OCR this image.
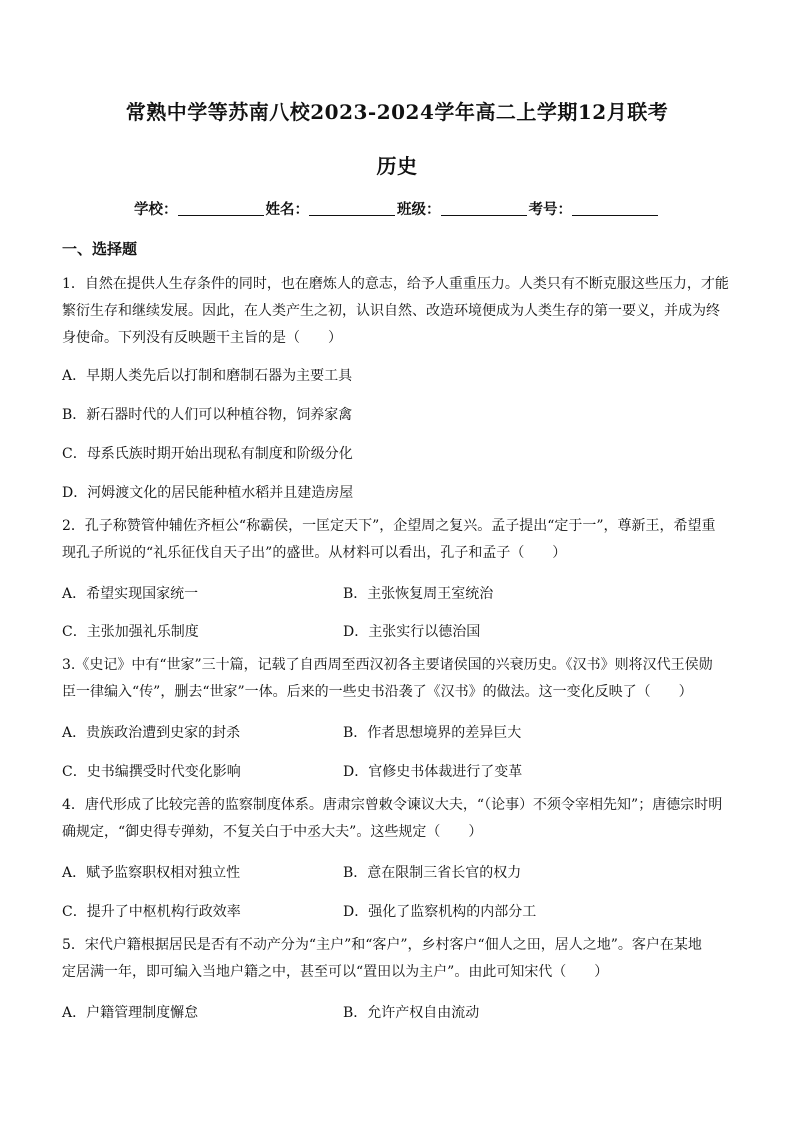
常熟中学等苏南八校2023-2024学年高二上学期12月联考
历史
学校：	姓名：	班级：	考号：
一、选择题

1．自然在提供人生存条件的同时，也在磨炼人的意志，给予人重重压力。人类只有不断克服这些压力，才能

繁衍生存和继续发展。因此，在人类产生之初，认识自然、改造环境便成为人类生存的第一要义，并成为终

身使命。下列没有反映题干主旨的是（　　）

A．早期人类先后以打制和磨制石器为主要工具
B．新石器时代的人们可以种植谷物，饲养家禽
C．母系氏族时期开始出现私有制度和阶级分化
D．河姆渡文化的居民能种植水稻并且建造房屋

2．孔子称赞管仲辅佐齐桓公“称霸侯，一匡定天下”，企望周之复兴。孟子提出“定于一”，尊新王，希望重

现孔子所说的“礼乐征伐自天子出”的盛世。从材料可以看出，孔子和孟子（　　）

A．希望实现国家统一	B．主张恢复周王室统治
C．主张加强礼乐制度	D．主张实行以德治国

3.《史记》中有“世家”三十篇，记载了自西周至西汉初各主要诸侯国的兴衰历史。《汉书》则将汉代王侯勋

臣一律编入“传”，删去“世家”一体。后来的一些史书沿袭了《汉书》的做法。这一变化反映了（　　）

A．贵族政治遭到史家的封杀	B．作者思想境界的差异巨大
C．史书编撰受时代变化影响	D．官修史书体裁进行了变革

4．唐代形成了比较完善的监察制度体系。唐肃宗曾敕令谏议大夫，“（论事）不须令宰相先知”；唐德宗时明

确规定，“御史得专弹劾，不复关白于中丞大夫”。这些规定（　　）

A．赋予监察职权相对独立性	B．意在限制三省长官的权力
C．提升了中枢机构行政效率	D．强化了监察机构的内部分工

5．宋代户籍根据居民是否有不动产分为“主户”和“客户”，乡村客户“佃人之田，居人之地”。客户在某地

定居满一年，即可编入当地户籍之中，甚至可以“置田以为主户”。由此可知宋代（　　）

A．户籍管理制度懈怠	B．允许产权自由流动
